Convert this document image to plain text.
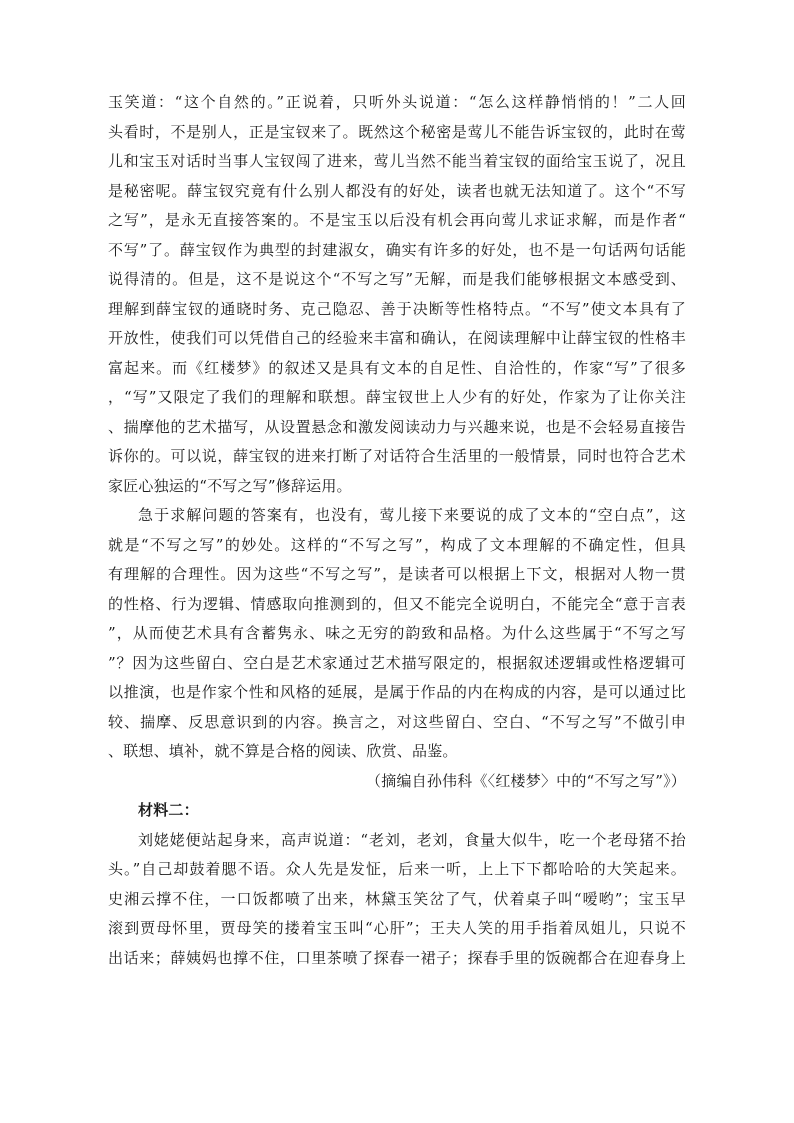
玉笑道：“这个自然的。”正说着，只听外头说道：“怎么这样静悄悄的！”二人回
头看时，不是别人，正是宝钗来了。既然这个秘密是莺儿不能告诉宝钗的，此时在莺
儿和宝玉对话时当事人宝钗闯了进来，莺儿当然不能当着宝钗的面给宝玉说了，况且
是秘密呢。薛宝钗究竟有什么别人都没有的好处，读者也就无法知道了。这个“不写
之写”，是永无直接答案的。不是宝玉以后没有机会再向莺儿求证求解，而是作者“
不写”了。薛宝钗作为典型的封建淑女，确实有许多的好处，也不是一句话两句话能
说得清的。但是，这不是说这个“不写之写”无解，而是我们能够根据文本感受到、
理解到薛宝钗的通晓时务、克己隐忍、善于决断等性格特点。“不写”使文本具有了
开放性，使我们可以凭借自己的经验来丰富和确认，在阅读理解中让薛宝钗的性格丰
富起来。而《红楼梦》的叙述又是具有文本的自足性、自洽性的，作家“写”了很多
，“写”又限定了我们的理解和联想。薛宝钗世上人少有的好处，作家为了让你关注
、揣摩他的艺术描写，从设置悬念和激发阅读动力与兴趣来说，也是不会轻易直接告
诉你的。可以说，薛宝钗的进来打断了对话符合生活里的一般情景，同时也符合艺术
家匠心独运的“不写之写”修辞运用。
急于求解问题的答案有，也没有，莺儿接下来要说的成了文本的“空白点”，这
就是“不写之写”的妙处。这样的“不写之写”，构成了文本理解的不确定性，但具
有理解的合理性。因为这些“不写之写”，是读者可以根据上下文，根据对人物一贯
的性格、行为逻辑、情感取向推测到的，但又不能完全说明白，不能完全“意于言表
”，从而使艺术具有含蓄隽永、味之无穷的韵致和品格。为什么这些属于“不写之写
”？因为这些留白、空白是艺术家通过艺术描写限定的，根据叙述逻辑或性格逻辑可
以推演，也是作家个性和风格的延展，是属于作品的内在构成的内容，是可以通过比
较、揣摩、反思意识到的内容。换言之，对这些留白、空白、“不写之写”不做引申
、联想、填补，就不算是合格的阅读、欣赏、品鉴。
（摘编自孙伟科《〈红楼梦〉中的“不写之写”》）
材料二：
刘姥姥便站起身来，高声说道：“老刘，老刘，食量大似牛，吃一个老母猪不抬
头。”自己却鼓着腮不语。众人先是发怔，后来一听，上上下下都哈哈的大笑起来。
史湘云撑不住，一口饭都喷了出来，林黛玉笑岔了气，伏着桌子叫“嗳哟”；宝玉早
滚到贾母怀里，贾母笑的搂着宝玉叫“心肝”；王夫人笑的用手指着凤姐儿，只说不
出话来；薛姨妈也撑不住，口里茶喷了探春一裙子；探春手里的饭碗都合在迎春身上
